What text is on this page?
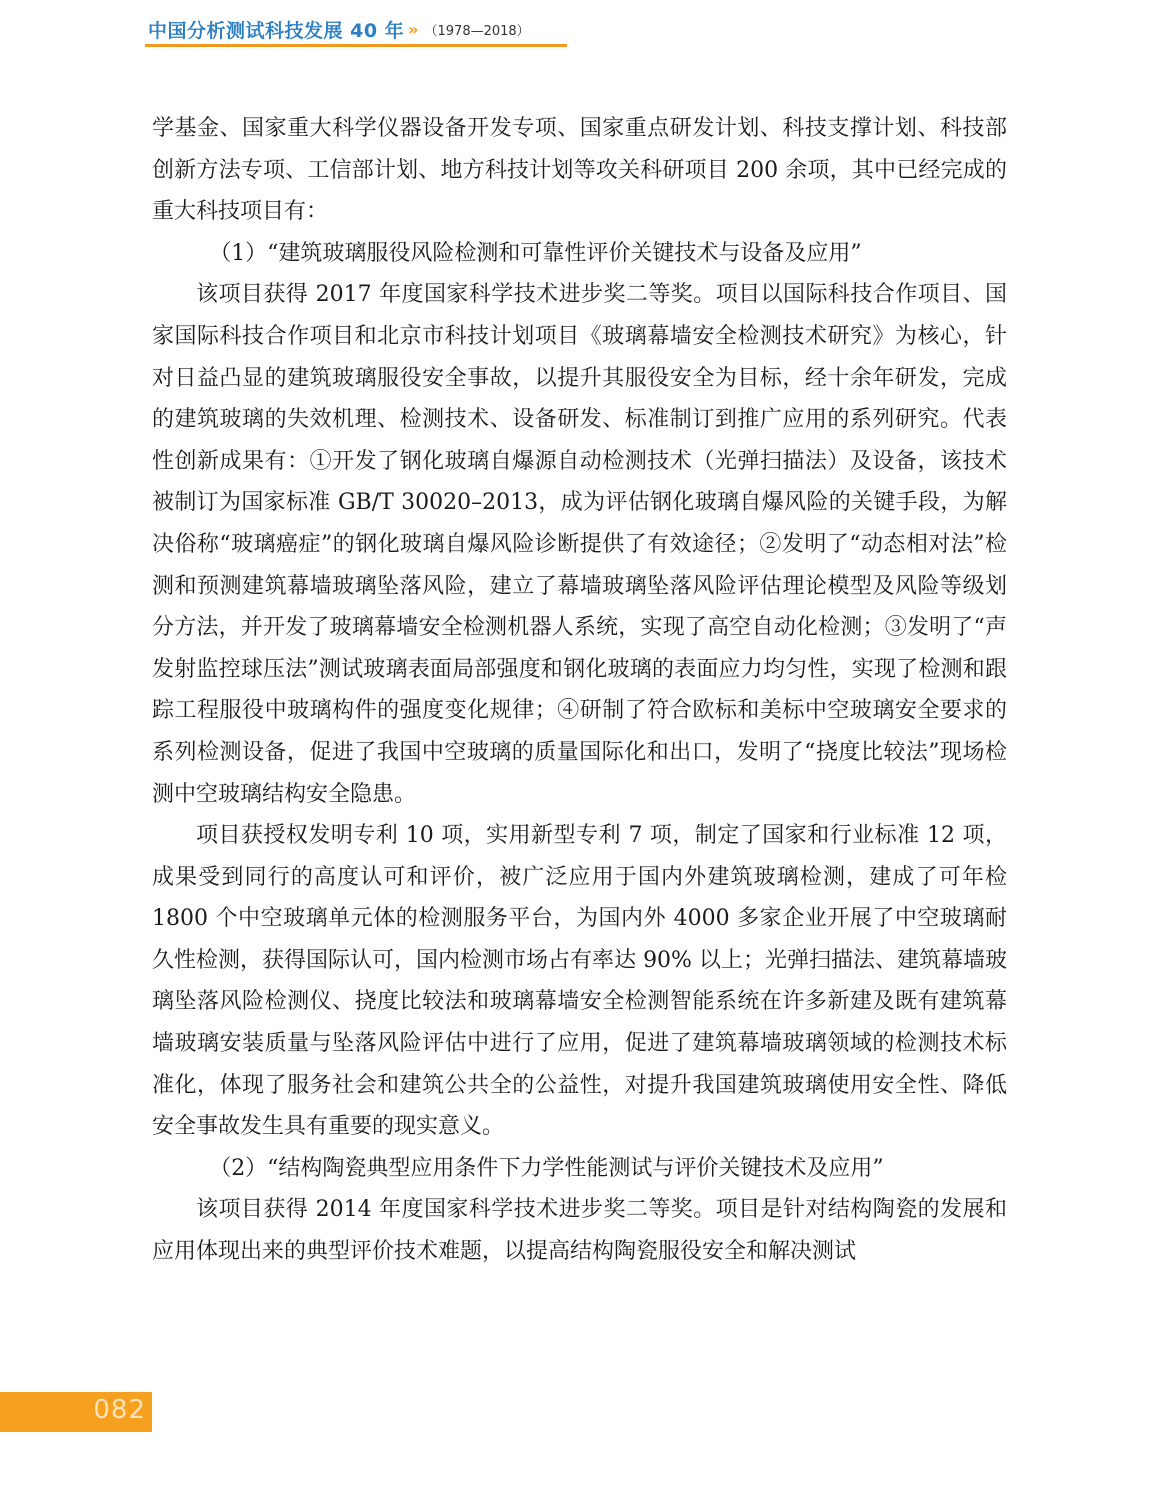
中国分析测试科技发展 40 年 » （1978—2018）

学基金、国家重大科学仪器设备开发专项、国家重点研发计划、科技支撑计划、科技部创新方法专项、工信部计划、地方科技计划等攻关科研项目 200 余项，其中已经完成的重大科技项目有：

（1）“建筑玻璃服役风险检测和可靠性评价关键技术与设备及应用”

该项目获得 2017 年度国家科学技术进步奖二等奖。项目以国际科技合作项目、国家国际科技合作项目和北京市科技计划项目《玻璃幕墙安全检测技术研究》为核心，针对日益凸显的建筑玻璃服役安全事故，以提升其服役安全为目标，经十余年研发，完成的建筑玻璃的失效机理、检测技术、设备研发、标准制订到推广应用的系列研究。代表性创新成果有：①开发了钢化玻璃自爆源自动检测技术（光弹扫描法）及设备，该技术被制订为国家标准 GB/T 30020–2013，成为评估钢化玻璃自爆风险的关键手段，为解决俗称“玻璃癌症”的钢化玻璃自爆风险诊断提供了有效途径；②发明了“动态相对法”检测和预测建筑幕墙玻璃坠落风险，建立了幕墙玻璃坠落风险评估理论模型及风险等级划分方法，并开发了玻璃幕墙安全检测机器人系统，实现了高空自动化检测；③发明了“声发射监控球压法”测试玻璃表面局部强度和钢化玻璃的表面应力均匀性，实现了检测和跟踪工程服役中玻璃构件的强度变化规律；④研制了符合欧标和美标中空玻璃安全要求的系列检测设备，促进了我国中空玻璃的质量国际化和出口，发明了“挠度比较法”现场检测中空玻璃结构安全隐患。

项目获授权发明专利 10 项，实用新型专利 7 项，制定了国家和行业标准 12 项，成果受到同行的高度认可和评价，被广泛应用于国内外建筑玻璃检测，建成了可年检 1800 个中空玻璃单元体的检测服务平台，为国内外 4000 多家企业开展了中空玻璃耐久性检测，获得国际认可，国内检测市场占有率达 90% 以上；光弹扫描法、建筑幕墙玻璃坠落风险检测仪、挠度比较法和玻璃幕墙安全检测智能系统在许多新建及既有建筑幕墙玻璃安装质量与坠落风险评估中进行了应用，促进了建筑幕墙玻璃领域的检测技术标准化，体现了服务社会和建筑公共全的公益性，对提升我国建筑玻璃使用安全性、降低安全事故发生具有重要的现实意义。

（2）“结构陶瓷典型应用条件下力学性能测试与评价关键技术及应用”

该项目获得 2014 年度国家科学技术进步奖二等奖。项目是针对结构陶瓷的发展和应用体现出来的典型评价技术难题，以提高结构陶瓷服役安全和解决测试

082
